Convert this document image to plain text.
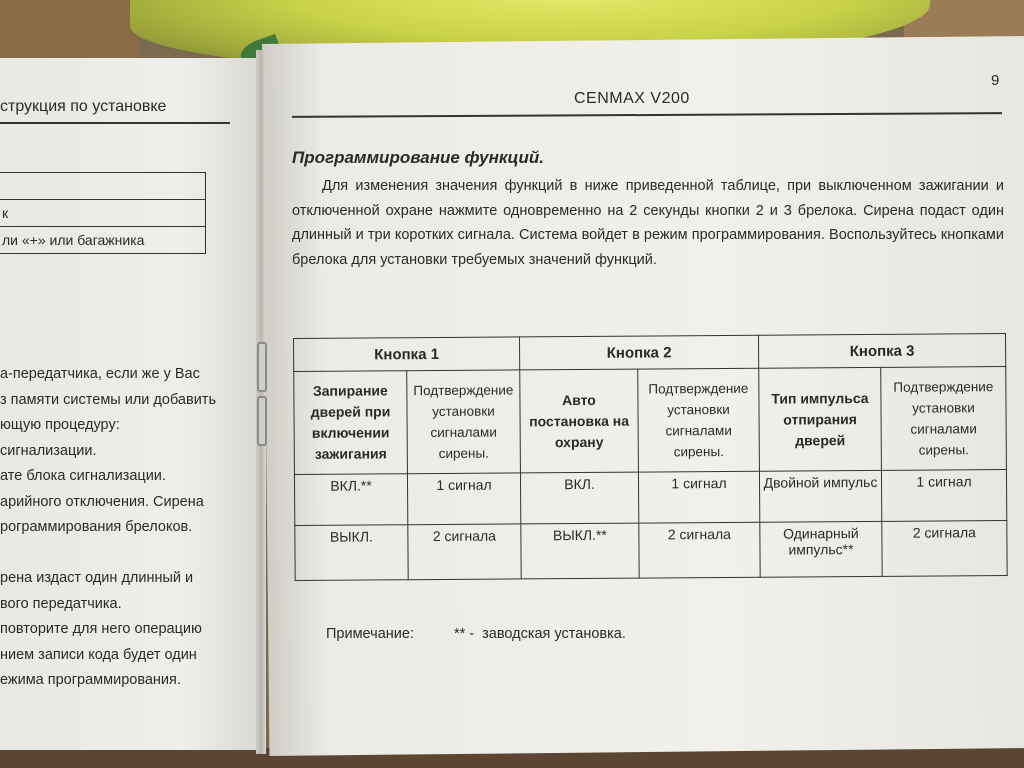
струкция по установке

к
ли «+» или багажника
а-передатчика, если же у Вас
з памяти системы или добавить
ющую процедуру:
сигнализации.
ате блока сигнализации.
арийного отключения. Сирена
рограммирования брелоков.
рена издаст один длинный и
вого передатчика.
повторите для него операцию
нием записи кода будет один
ежима программирования.
9
CENMAX V200
Программирование функций.
Для изменения значения функций в ниже приведенной таблице, при выключенном зажигании и отключенной охране нажмите одновременно на 2 секунды кнопки 2 и 3 брелока. Сирена подаст один длинный и три коротких сигнала. Система войдет в режим программирования. Воспользуйтесь кнопками брелока для установки требуемых значений функций.
Кнопка 1		Кнопка 2		Кнопка 3	
Запирание дверей при включении зажигания	Подтверждение установки сигналами сирены.	Авто постановка на охрану	Подтверждение установки сигналами сирены.	Тип импульса отпирания дверей	Подтверждение установки сигналами сирены.
ВКЛ.**	1 сигнал	ВКЛ.	1 сигнал	Двойной импульс	1 сигнал
ВЫКЛ.	2 сигнала	ВЫКЛ.**	2 сигнала	Одинарный импульс**	2 сигнала
Примечание:	** - заводская установка.
